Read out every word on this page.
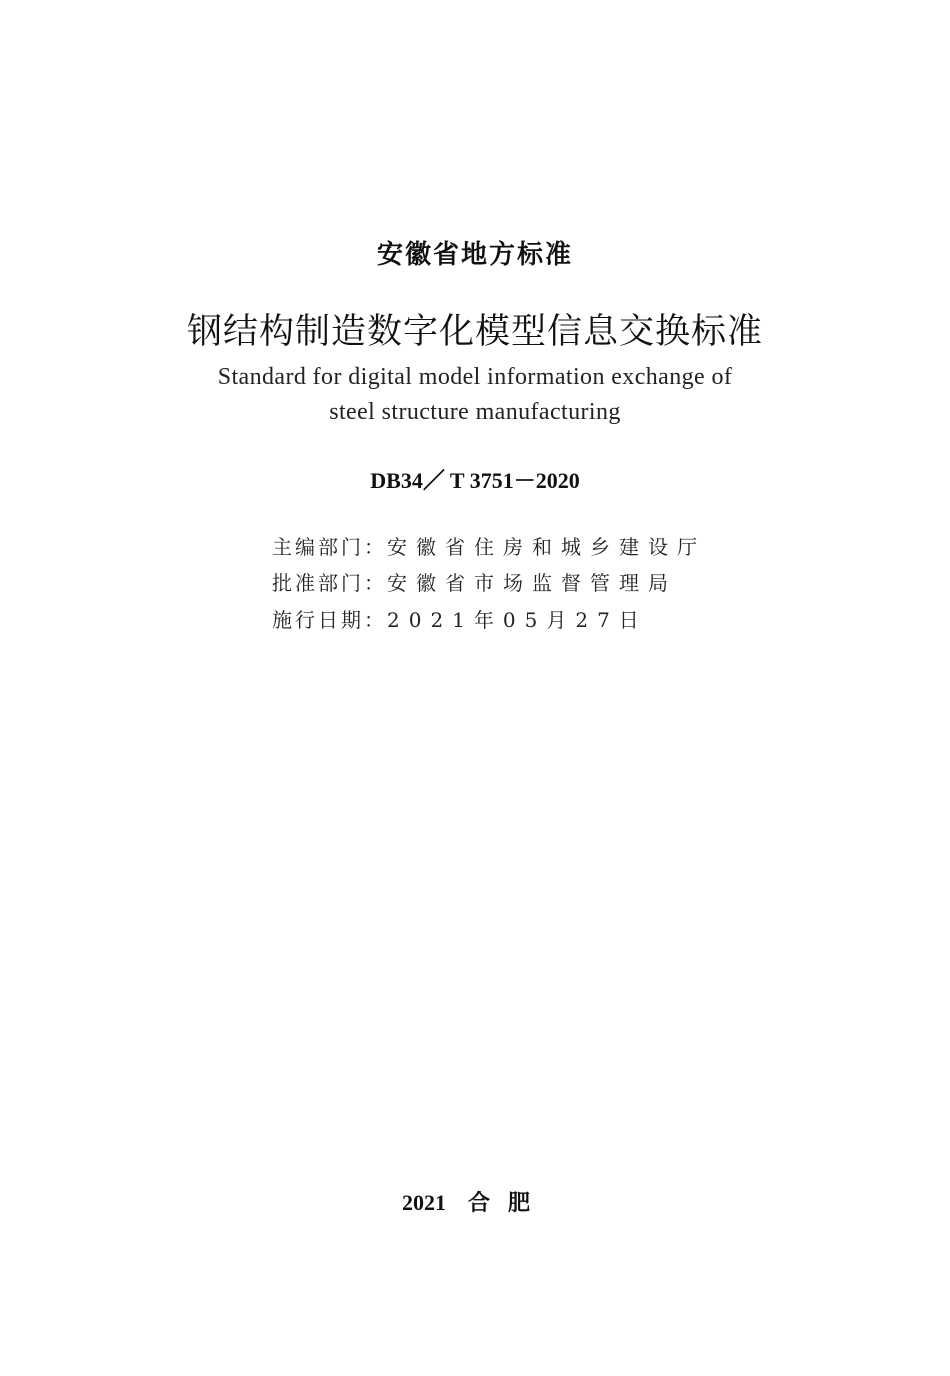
安徽省地方标准
钢结构制造数字化模型信息交换标准
Standard for digital model information exchange of
steel structure manufacturing
DB34／ T 3751－2020
主编部门：安徽省住房和城乡建设厅
批准部门：安徽省市场监督管理局
施行日期：2021年05月27日
2021 合肥
